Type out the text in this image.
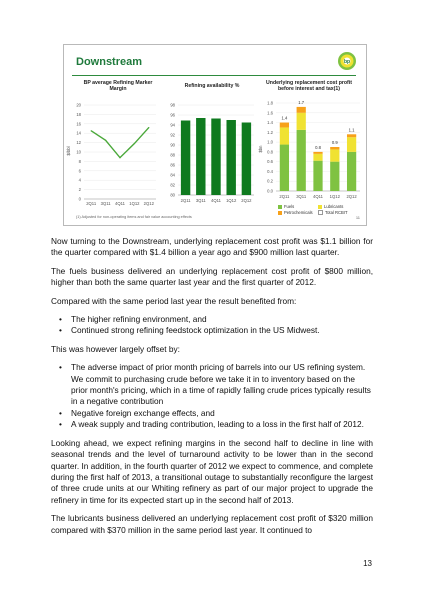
Downstream	bp
BP average Refining Marker Margin	Refining availability %	Underlying replacement cost profit before interest and tax(1)
0
2
4
6
8
10
12
14
16
18
20
$/bbl
2Q11 3Q11 4Q11 1Q12 2Q12
80
82
84
86
88
90
92
94
96
98
2Q11 3Q11 4Q11 1Q12 2Q12
0.0
0.2
0.4
0.6
0.8
1.0
1.2
1.4
1.6
1.8
$bn
1.4
2Q11
1.7
3Q11
0.8
4Q11
0.9
1Q12
1.1
2Q12
Fuels	Lubricants
Petrochemicals	Total RCBIT
(1) Adjusted for non-operating items and fair value accounting effects	11

Now turning to the Downstream, underlying replacement cost profit was $1.1 billion for the quarter compared with $1.4 billion a year ago and $900 million last quarter.

The fuels business delivered an underlying replacement cost profit of $800 million, higher than both the same quarter last year and the first quarter of 2012.

Compared with the same period last year the result benefited from:

• The higher refining environment, and
• Continued strong refining feedstock optimization in the US Midwest.

This was however largely offset by:

• The adverse impact of prior month pricing of barrels into our US refining system. We commit to purchasing crude before we take it in to inventory based on the prior month's pricing, which in a time of rapidly falling crude prices typically results in a negative contribution
• Negative foreign exchange effects, and
• A weak supply and trading contribution, leading to a loss in the first half of 2012.

Looking ahead, we expect refining margins in the second half to decline in line with seasonal trends and the level of turnaround activity to be lower than in the second quarter. In addition, in the fourth quarter of 2012 we expect to commence, and complete during the first half of 2013, a transitional outage to substantially reconfigure the largest of three crude units at our Whiting refinery as part of our major project to upgrade the refinery in time for its expected start up in the second half of 2013.

The lubricants business delivered an underlying replacement cost profit of $320 million compared with $370 million in the same period last year. It continued to

13
